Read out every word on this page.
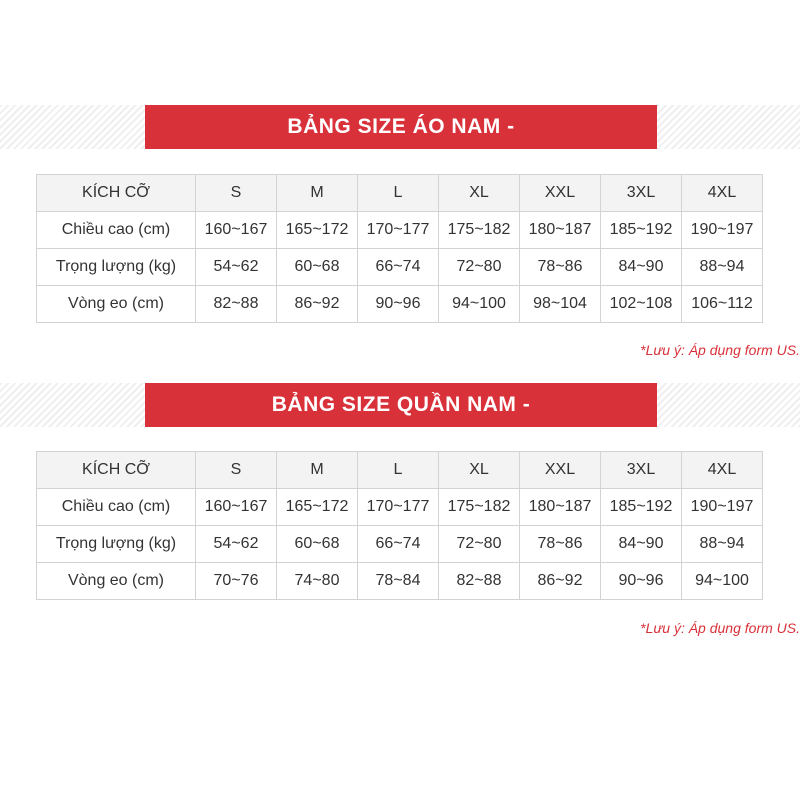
BẢNG SIZE ÁO NAM -
KÍCH CỠ	S	M	L	XL	XXL	3XL	4XL
Chiều cao (cm)	160~167	165~172	170~177	175~182	180~187	185~192	190~197
Trọng lượng (kg)	54~62	60~68	66~74	72~80	78~86	84~90	88~94
Vòng eo (cm)	82~88	86~92	90~96	94~100	98~104	102~108	106~112
*Lưu ý: Áp dụng form US.
BẢNG SIZE QUẦN NAM -
KÍCH CỠ	S	M	L	XL	XXL	3XL	4XL
Chiều cao (cm)	160~167	165~172	170~177	175~182	180~187	185~192	190~197
Trọng lượng (kg)	54~62	60~68	66~74	72~80	78~86	84~90	88~94
Vòng eo (cm)	70~76	74~80	78~84	82~88	86~92	90~96	94~100
*Lưu ý: Áp dụng form US.
